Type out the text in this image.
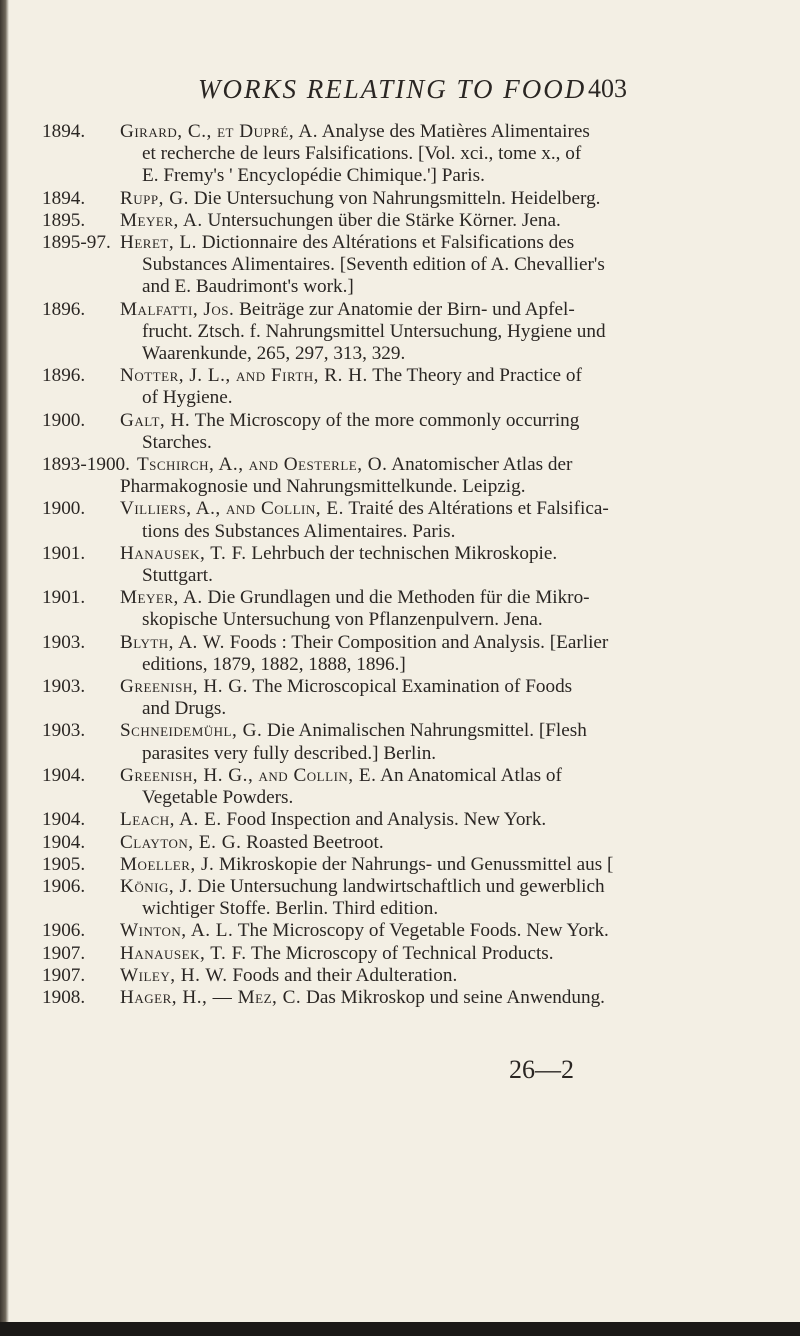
WORKS RELATING TO FOOD 403
1894. Girard, C., et Dupré, A. Analyse des Matières Alimentaires
et recherche de leurs Falsifications. [Vol. xci., tome x., of
E. Fremy's ' Encyclopédie Chimique.'] Paris.
1894. Rupp, G. Die Untersuchung von Nahrungsmitteln. Heidelberg.
1895. Meyer, A. Untersuchungen über die Stärke Körner. Jena.
1895-97. Heret, L. Dictionnaire des Altérations et Falsifications des
Substances Alimentaires. [Seventh edition of A. Chevallier's
and E. Baudrimont's work.]
1896. Malfatti, Jos. Beiträge zur Anatomie der Birn- und Apfel-
frucht. Ztsch. f. Nahrungsmittel Untersuchung, Hygiene und
Waarenkunde, 265, 297, 313, 329.
1896. Notter, J. L., and Firth, R. H. The Theory and Practice of
of Hygiene.
1900. Galt, H. The Microscopy of the more commonly occurring
Starches.
1893-1900. Tschirch, A., and Oesterle, O. Anatomischer Atlas der
Pharmakognosie und Nahrungsmittelkunde. Leipzig.
1900. Villiers, A., and Collin, E. Traité des Altérations et Falsifica-
tions des Substances Alimentaires. Paris.
1901. Hanausek, T. F. Lehrbuch der technischen Mikroskopie.
Stuttgart.
1901. Meyer, A. Die Grundlagen und die Methoden für die Mikro-
skopische Untersuchung von Pflanzenpulvern. Jena.
1903. Blyth, A. W. Foods : Their Composition and Analysis. [Earlier
editions, 1879, 1882, 1888, 1896.]
1903. Greenish, H. G. The Microscopical Examination of Foods
and Drugs.
1903. Schneidemühl, G. Die Animalischen Nahrungsmittel. [Flesh
parasites very fully described.] Berlin.
1904. Greenish, H. G., and Collin, E. An Anatomical Atlas of
Vegetable Powders.
1904. Leach, A. E. Food Inspection and Analysis. New York.
1904. Clayton, E. G. Roasted Beetroot.
1905. Moeller, J. Mikroskopie der Nahrungs- und Genussmittel aus [
1906. König, J. Die Untersuchung landwirtschaftlich und gewerblich
wichtiger Stoffe. Berlin. Third edition.
1906. Winton, A. L. The Microscopy of Vegetable Foods. New York.
1907. Hanausek, T. F. The Microscopy of Technical Products.
1907. Wiley, H. W. Foods and their Adulteration.
1908. Hager, H., — Mez, C. Das Mikroskop und seine Anwendung.
26—2
